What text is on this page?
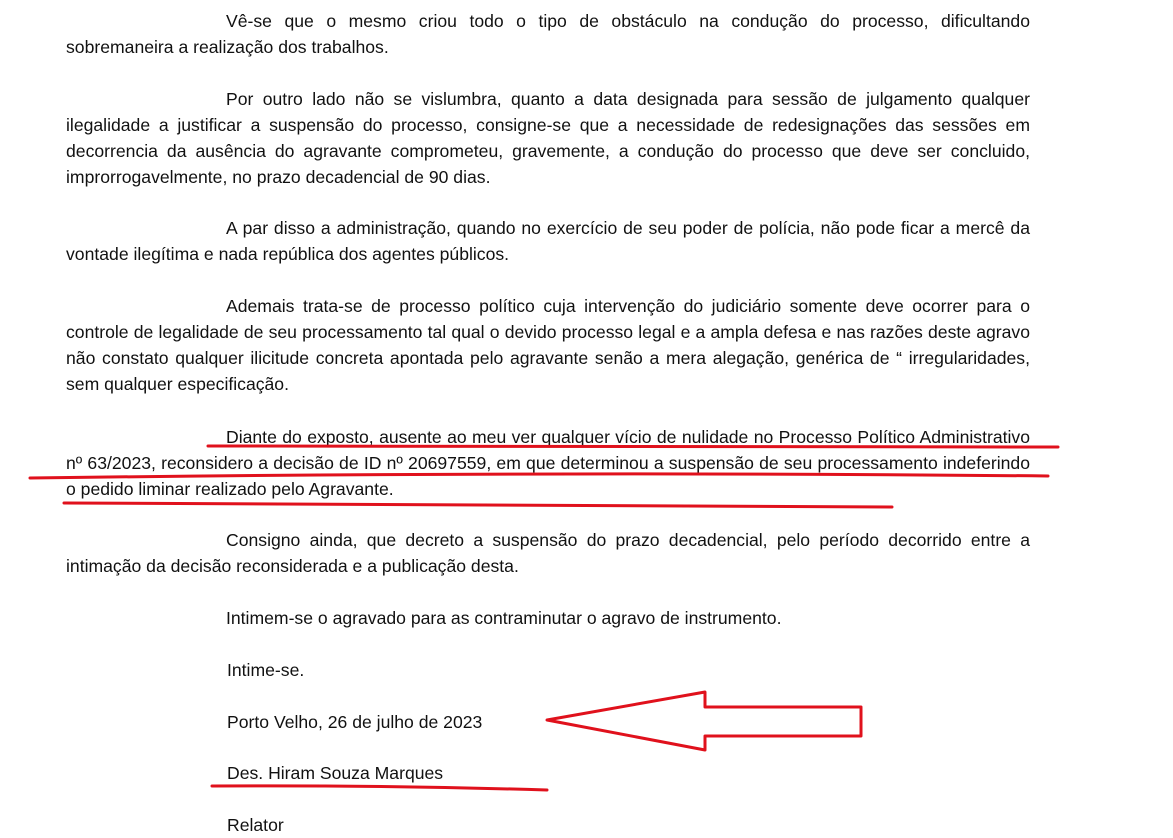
Vê-se que o mesmo criou todo o tipo de obstáculo na condução do processo, dificultando sobremaneira a realização dos trabalhos.

Por outro lado não se vislumbra, quanto a data designada para sessão de julgamento qualquer ilegalidade a justificar a suspensão do processo, consigne-se que a necessidade de redesignações das sessões em decorrencia da ausência do agravante comprometeu, gravemente, a condução do processo que deve ser concluido, improrrogavelmente, no prazo decadencial de 90 dias.

A par disso a administração, quando no exercício de seu poder de polícia, não pode ficar a mercê da vontade ilegítima e nada república dos agentes públicos.

Ademais trata-se de processo político cuja intervenção do judiciário somente deve ocorrer para o controle de legalidade de seu processamento tal qual o devido processo legal e a ampla defesa e nas razões deste agravo não constato qualquer ilicitude concreta apontada pelo agravante senão a mera alegação, genérica de “ irregularidades, sem qualquer especificação.

Diante do exposto, ausente ao meu ver qualquer vício de nulidade no Processo Político Administrativo nº 63/2023, reconsidero a decisão de ID nº 20697559, em que determinou a suspensão de seu processamento indeferindo o pedido liminar realizado pelo Agravante.

Consigno ainda, que decreto a suspensão do prazo decadencial, pelo período decorrido entre a intimação da decisão reconsiderada e a publicação desta.

Intimem-se o agravado para as contraminutar o agravo de instrumento.

Intime-se.

Porto Velho, 26 de julho de 2023

Des. Hiram Souza Marques

Relator
